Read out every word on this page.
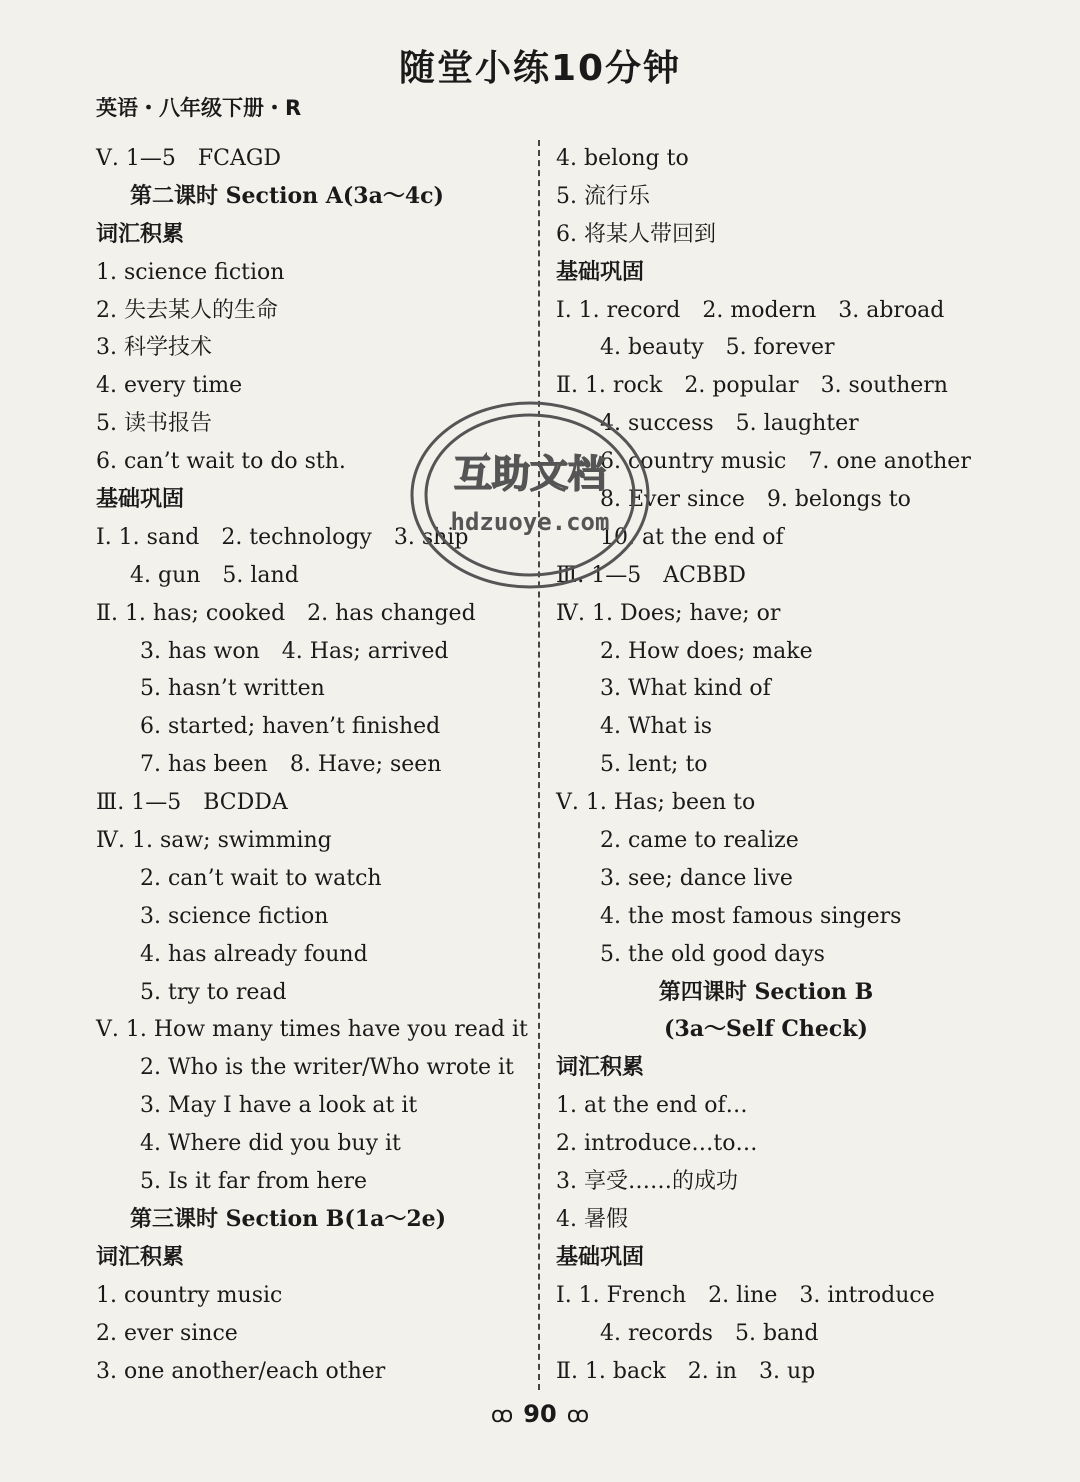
随堂小练10分钟
英语・八年级下册・R
Ⅴ. 1—5　FCAGD
第二课时 Section A(3a～4c)
词汇积累
1. science fiction
2. 失去某人的生命
3. 科学技术
4. every time
5. 读书报告
6. can’t wait to do sth.
基础巩固
Ⅰ. 1. sand　2. technology　3. ship
4. gun　5. land
Ⅱ. 1. has; cooked　2. has changed
3. has won　4. Has; arrived
5. hasn’t written
6. started; haven’t finished
7. has been　8. Have; seen
Ⅲ. 1—5　BCDDA
Ⅳ. 1. saw; swimming
2. can’t wait to watch
3. science fiction
4. has already found
5. try to read
Ⅴ. 1. How many times have you read it
2. Who is the writer/Who wrote it
3. May I have a look at it
4. Where did you buy it
5. Is it far from here
第三课时 Section B(1a～2e)
词汇积累
1. country music
2. ever since
3. one another/each other
4. belong to
5. 流行乐
6. 将某人带回到
基础巩固
Ⅰ. 1. record　2. modern　3. abroad
4. beauty　5. forever
Ⅱ. 1. rock　2. popular　3. southern
4. success　5. laughter
6. country music　7. one another
8. Ever since　9. belongs to
10. at the end of
Ⅲ. 1—5　ACBBD
Ⅳ. 1. Does; have; or
2. How does; make
3. What kind of
4. What is
5. lent; to
Ⅴ. 1. Has; been to
2. came to realize
3. see; dance live
4. the most famous singers
5. the old good days
第四课时 Section B
(3a～Self Check)
词汇积累
1. at the end of…
2. introduce…to…
3. 享受……的成功
4. 暑假
基础巩固
Ⅰ. 1. French　2. line　3. introduce
4. records　5. band
Ⅱ. 1. back　2. in　3. up
互助文档
hdzuoye.com
ꝏ 90 ꝏ
